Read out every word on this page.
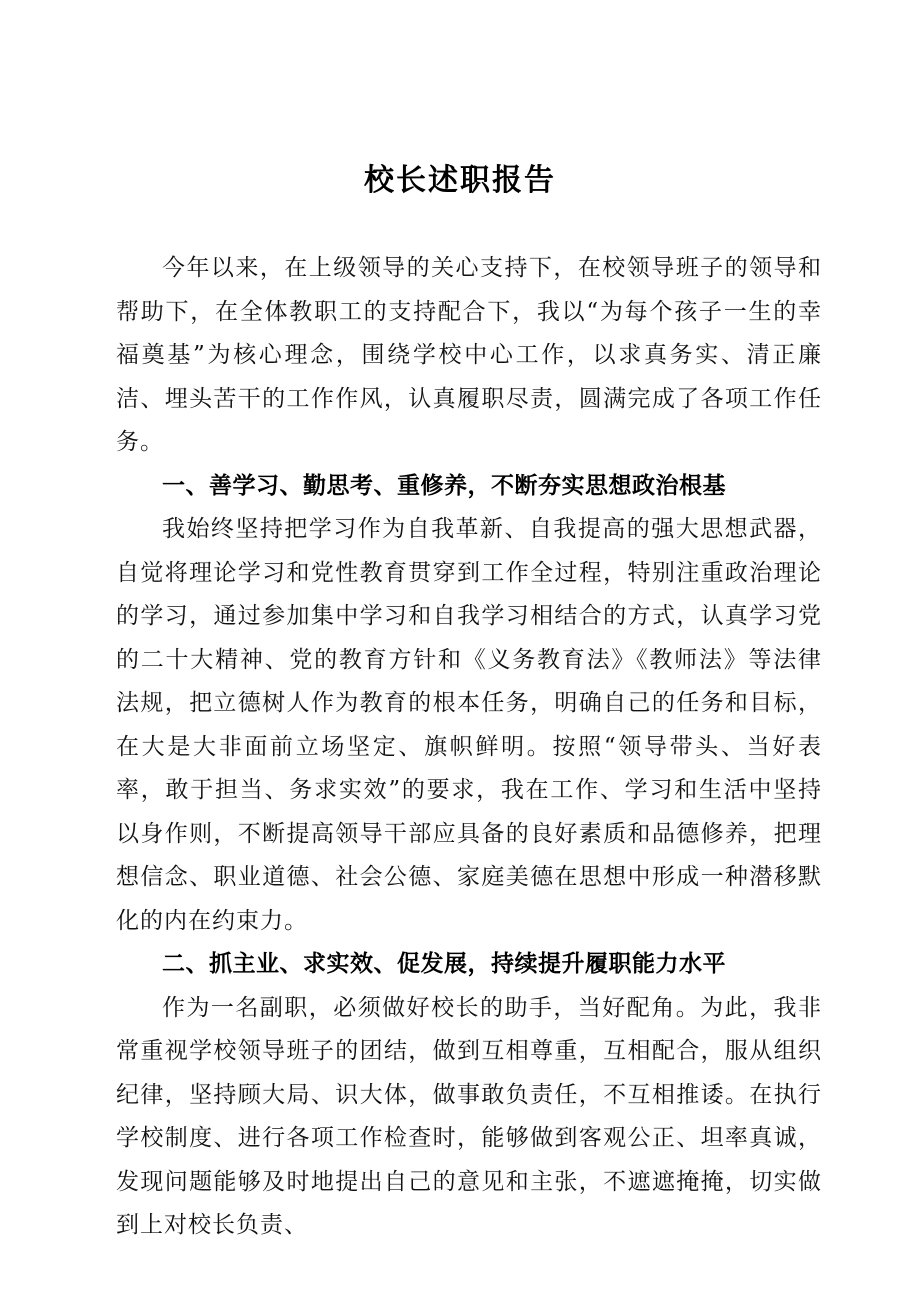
校长述职报告

今年以来，在上级领导的关心支持下，在校领导班子的领导和帮助下，在全体教职工的支持配合下，我以“为每个孩子一生的幸福奠基”为核心理念，围绕学校中心工作，以求真务实、清正廉洁、埋头苦干的工作作风，认真履职尽责，圆满完成了各项工作任务。

一、善学习、勤思考、重修养，不断夯实思想政治根基

我始终坚持把学习作为自我革新、自我提高的强大思想武器，自觉将理论学习和党性教育贯穿到工作全过程，特别注重政治理论的学习，通过参加集中学习和自我学习相结合的方式，认真学习党的二十大精神、党的教育方针和《义务教育法》《教师法》等法律法规，把立德树人作为教育的根本任务，明确自己的任务和目标，在大是大非面前立场坚定、旗帜鲜明。按照“领导带头、当好表率，敢于担当、务求实效”的要求，我在工作、学习和生活中坚持以身作则，不断提高领导干部应具备的良好素质和品德修养，把理想信念、职业道德、社会公德、家庭美德在思想中形成一种潜移默化的内在约束力。

二、抓主业、求实效、促发展，持续提升履职能力水平

作为一名副职，必须做好校长的助手，当好配角。为此，我非常重视学校领导班子的团结，做到互相尊重，互相配合，服从组织纪律，坚持顾大局、识大体，做事敢负责任，不互相推诿。在执行学校制度、进行各项工作检查时，能够做到客观公正、坦率真诚，发现问题能够及时地提出自己的意见和主张，不遮遮掩掩，切实做到上对校长负责、
